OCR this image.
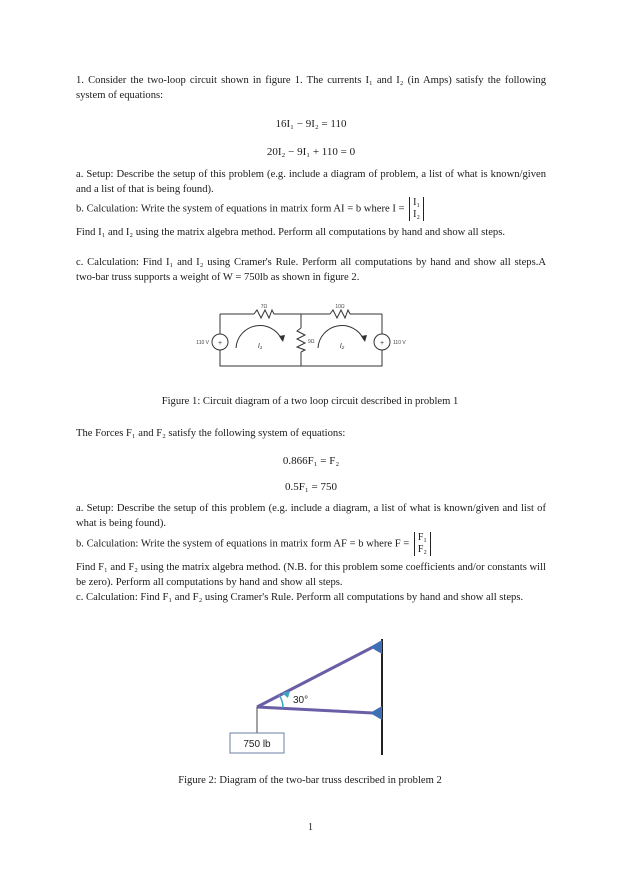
1. Consider the two-loop circuit shown in figure 1. The currents I₁ and I₂ (in Amps) satisfy the following system of equations:

16I₁ − 9I₂ = 110

20I₂ − 9I₁ + 110 = 0

a. Setup: Describe the setup of this problem (e.g. include a diagram of problem, a list of what is known/given and a list of that is being found).

b. Calculation: Write the system of equations in matrix form AI = b where I =
I₁
I₂

Find I₁ and I₂ using the matrix algebra method. Perform all computations by hand and show all steps.

c. Calculation: Find I₁ and I₂ using Cramer's Rule. Perform all computations by hand and show all steps.A two-bar truss supports a weight of W = 750lb as shown in figure 2.

+	+
7Ω	10Ω
9Ω
110 V	110 V
I₁	I₂

Figure 1: Circuit diagram of a two loop circuit described in problem 1

The Forces F₁ and F₂ satisfy the following system of equations:

0.866F₁ = F₂

0.5F₁ = 750

a. Setup: Describe the setup of this problem (e.g. include a diagram, a list of what is known/given and list of what is being found).

b. Calculation: Write the system of equations in matrix form AF = b where F =
F₁
F₂

Find F₁ and F₂ using the matrix algebra method. (N.B. for this problem some coefficients and/or constants will be zero). Perform all computations by hand and show all steps.

c. Calculation: Find F₁ and F₂ using Cramer's Rule. Perform all computations by hand and show all steps.

30°
750 lb

Figure 2: Diagram of the two-bar truss described in problem 2

1
